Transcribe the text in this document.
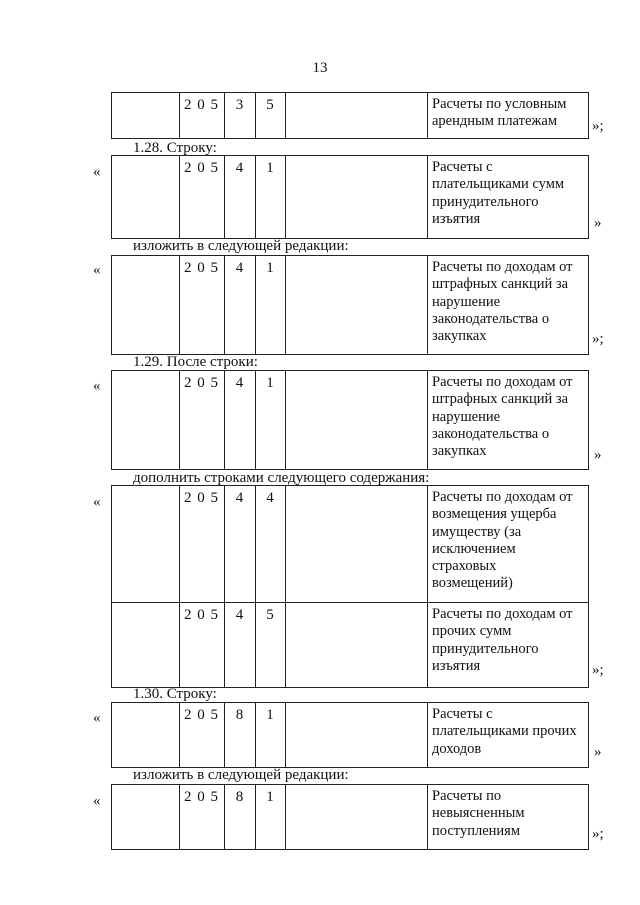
13
2 0 5	3	5	Расчеты по условным
арендным платежам	»;
1.28. Строку:
«	2 0 5	4	1	Расчеты с
плательщиками сумм
принудительного
изъятия	»
изложить в следующей редакции:
«	2 0 5	4	1	Расчеты по доходам от
штрафных санкций за
нарушение
законодательства о
закупках	»;
1.29. После строки:
«	2 0 5	4	1	Расчеты по доходам от
штрафных санкций за
нарушение
законодательства о
закупках	»
дополнить строками следующего содержания:
«	2 0 5	4	4	Расчеты по доходам от
возмещения ущерба
имуществу (за
исключением
страховых
возмещений)
2 0 5	4	5	Расчеты по доходам от
прочих сумм
принудительного
изъятия	»;
1.30. Строку:
«	2 0 5	8	1	Расчеты с
плательщиками прочих
доходов	»
изложить в следующей редакции:
«	2 0 5	8	1	Расчеты по
невыясненным
поступлениям	»;
